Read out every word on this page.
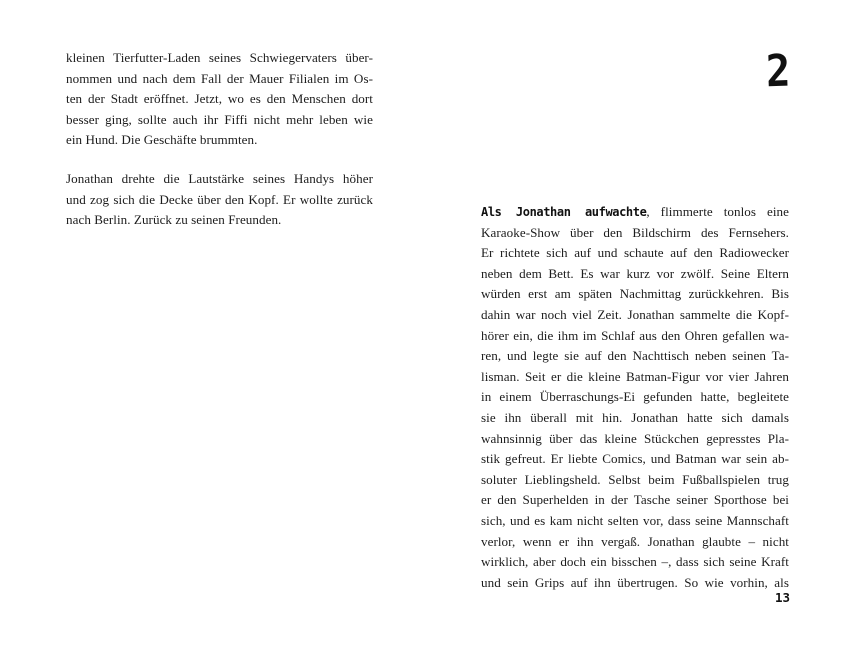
kleinen Tierfutter-Laden seines Schwiegervaters über-
nommen und nach dem Fall der Mauer Filialen im Os-
ten der Stadt eröffnet. Jetzt, wo es den Menschen dort
besser ging, sollte auch ihr Fiffi nicht mehr leben wie
ein Hund. Die Geschäfte brummten.
Jonathan drehte die Lautstärke seines Handys höher
und zog sich die Decke über den Kopf. Er wollte zurück
nach Berlin. Zurück zu seinen Freunden.
2
Als Jonathan aufwachte, flimmerte tonlos eine
Karaoke-Show über den Bildschirm des Fernsehers.
Er richtete sich auf und schaute auf den Radiowecker
neben dem Bett. Es war kurz vor zwölf. Seine Eltern
würden erst am späten Nachmittag zurückkehren. Bis
dahin war noch viel Zeit. Jonathan sammelte die Kopf-
hörer ein, die ihm im Schlaf aus den Ohren gefallen wa-
ren, und legte sie auf den Nachttisch neben seinen Ta-
lisman. Seit er die kleine Batman-Figur vor vier Jahren
in einem Überraschungs-Ei gefunden hatte, begleitete
sie ihn überall mit hin. Jonathan hatte sich damals
wahnsinnig über das kleine Stückchen gepresstes Pla-
stik gefreut. Er liebte Comics, und Batman war sein ab-
soluter Lieblingsheld. Selbst beim Fußballspielen trug
er den Superhelden in der Tasche seiner Sporthose bei
sich, und es kam nicht selten vor, dass seine Mannschaft
verlor, wenn er ihn vergaß. Jonathan glaubte – nicht
wirklich, aber doch ein bisschen –, dass sich seine Kraft
und sein Grips auf ihn übertrugen. So wie vorhin, als
13
